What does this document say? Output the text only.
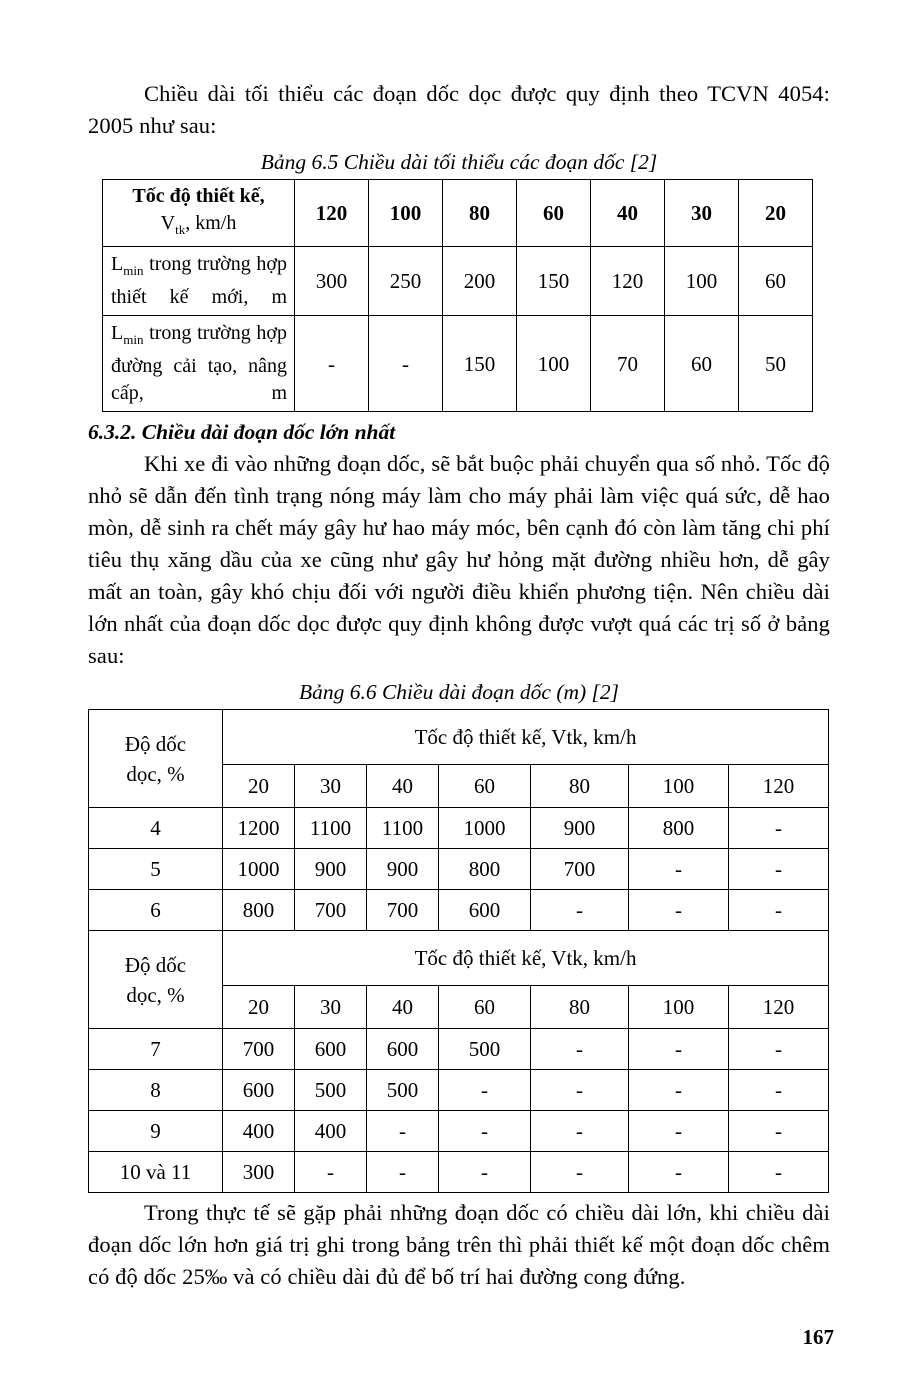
Chiều dài tối thiểu các đoạn dốc dọc được quy định theo TCVN 4054: 2005 như sau:

Bảng 6.5 Chiều dài tối thiểu các đoạn dốc [2]
Tốc độ thiết kế,
$V_{tk}$, km/h	120	100	80	60	40	30	20
$L_{min}$ trong trường hợp thiết kế mới, m	300	250	200	150	120	100	60
$L_{min}$ trong trường hợp đường cải tạo, nâng cấp, m	-	-	150	100	70	60	50
6.3.2. Chiều dài đoạn dốc lớn nhất

Khi xe đi vào những đoạn dốc, sẽ bắt buộc phải chuyển qua số nhỏ. Tốc độ nhỏ sẽ dẫn đến tình trạng nóng máy làm cho máy phải làm việc quá sức, dễ hao mòn, dễ sinh ra chết máy gây hư hao máy móc, bên cạnh đó còn làm tăng chi phí tiêu thụ xăng dầu của xe cũng như gây hư hỏng mặt đường nhiều hơn, dễ gây mất an toàn, gây khó chịu đối với người điều khiển phương tiện. Nên chiều dài lớn nhất của đoạn dốc dọc được quy định không được vượt quá các trị số ở bảng sau:

Bảng 6.6 Chiều dài đoạn dốc (m) [2]
Độ dốc
dọc, %	Tốc độ thiết kế, Vtk, km/h						
	20	30	40	60	80	100	120
4	1200	1100	1100	1000	900	800	-
5	1000	900	900	800	700	-	-
6	800	700	700	600	-	-	-
Độ dốc
dọc, %	Tốc độ thiết kế, Vtk, km/h						
	20	30	40	60	80	100	120
7	700	600	600	500	-	-	-
8	600	500	500	-	-	-	-
9	400	400	-	-	-	-	-
10 và 11	300	-	-	-	-	-	-

Trong thực tế sẽ gặp phải những đoạn dốc có chiều dài lớn, khi chiều dài đoạn dốc lớn hơn giá trị ghi trong bảng trên thì phải thiết kế một đoạn dốc chêm có độ dốc 25‰ và có chiều dài đủ để bố trí hai đường cong đứng.

167
